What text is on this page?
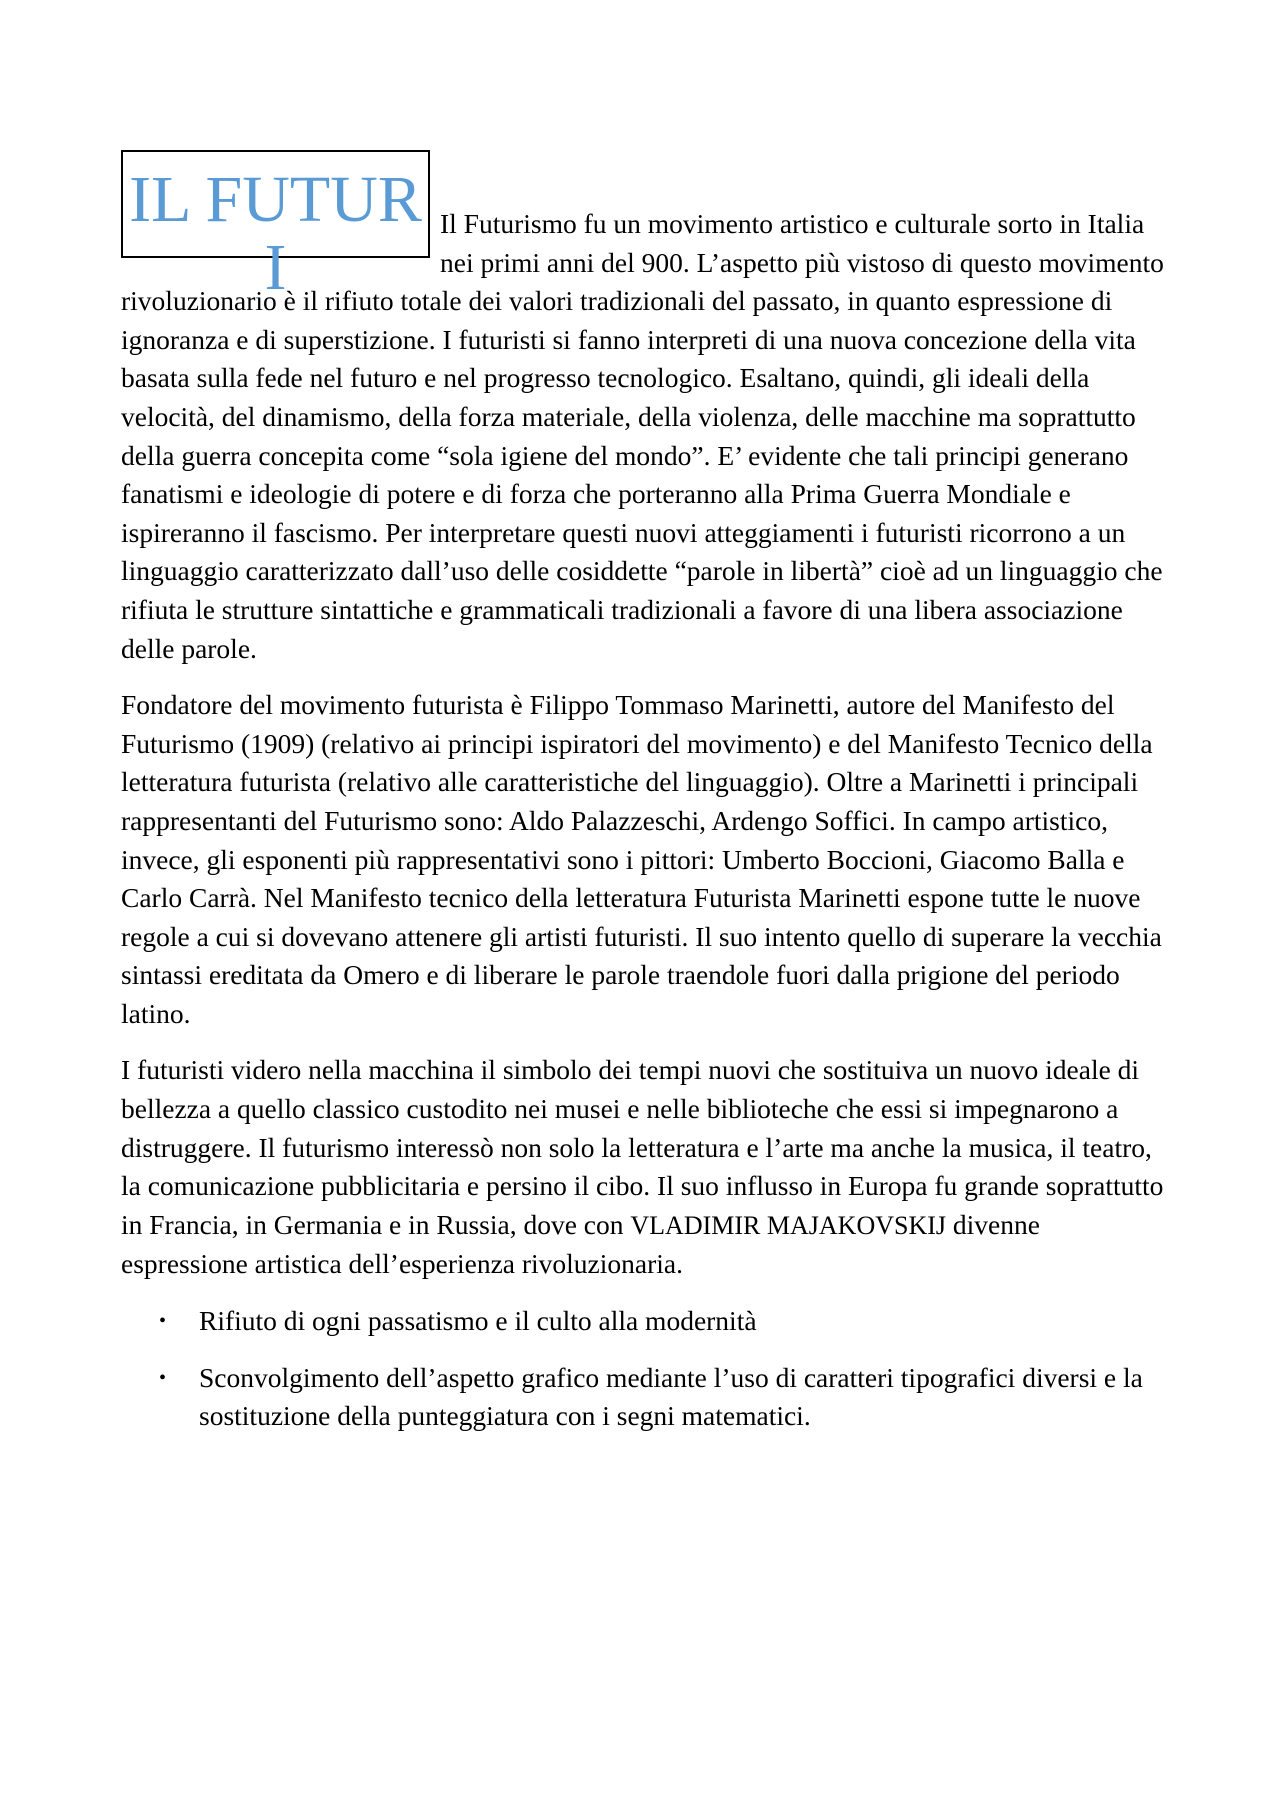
IL FUTURI

Il Futurismo fu un movimento artistico e culturale sorto in Italia nei primi anni del 900. L’aspetto più vistoso di questo movimento rivoluzionario è il rifiuto totale dei valori tradizionali del passato, in quanto espressione di ignoranza e di superstizione. I futuristi si fanno interpreti di una nuova concezione della vita basata sulla fede nel futuro e nel progresso tecnologico. Esaltano, quindi, gli ideali della velocità, del dinamismo, della forza materiale, della violenza, delle macchine ma soprattutto della guerra concepita come “sola igiene del mondo”. E’ evidente che tali principi generano fanatismi e ideologie di potere e di forza che porteranno alla Prima Guerra Mondiale e ispireranno il fascismo. Per interpretare questi nuovi atteggiamenti i futuristi ricorrono a un linguaggio caratterizzato dall’uso delle cosiddette “parole in libertà” cioè ad un linguaggio che rifiuta le strutture sintattiche e grammaticali tradizionali a favore di una libera associazione delle parole.

Fondatore del movimento futurista è Filippo Tommaso Marinetti, autore del Manifesto del Futurismo (1909) (relativo ai principi ispiratori del movimento) e del Manifesto Tecnico della letteratura futurista (relativo alle caratteristiche del linguaggio). Oltre a Marinetti i principali rappresentanti del Futurismo sono: Aldo Palazzeschi, Ardengo Soffici. In campo artistico, invece, gli esponenti più rappresentativi sono i pittori: Umberto Boccioni, Giacomo Balla e Carlo Carrà. Nel Manifesto tecnico della letteratura Futurista Marinetti espone tutte le nuove regole a cui si dovevano attenere gli artisti futuristi. Il suo intento quello di superare la vecchia sintassi ereditata da Omero e di liberare le parole traendole fuori dalla prigione del periodo latino.

I futuristi videro nella macchina il simbolo dei tempi nuovi che sostituiva un nuovo ideale di bellezza a quello classico custodito nei musei e nelle biblioteche che essi si impegnarono a distruggere. Il futurismo interessò non solo la letteratura e l’arte ma anche la musica, il teatro, la comunicazione pubblicitaria e persino il cibo. Il suo influsso in Europa fu grande soprattutto in Francia, in Germania e in Russia, dove con VLADIMIR MAJAKOVSKIJ divenne espressione artistica dell’esperienza rivoluzionaria.

• Rifiuto di ogni passatismo e il culto alla modernità
• Sconvolgimento dell’aspetto grafico mediante l’uso di caratteri tipografici diversi e la sostituzione della punteggiatura con i segni matematici.
